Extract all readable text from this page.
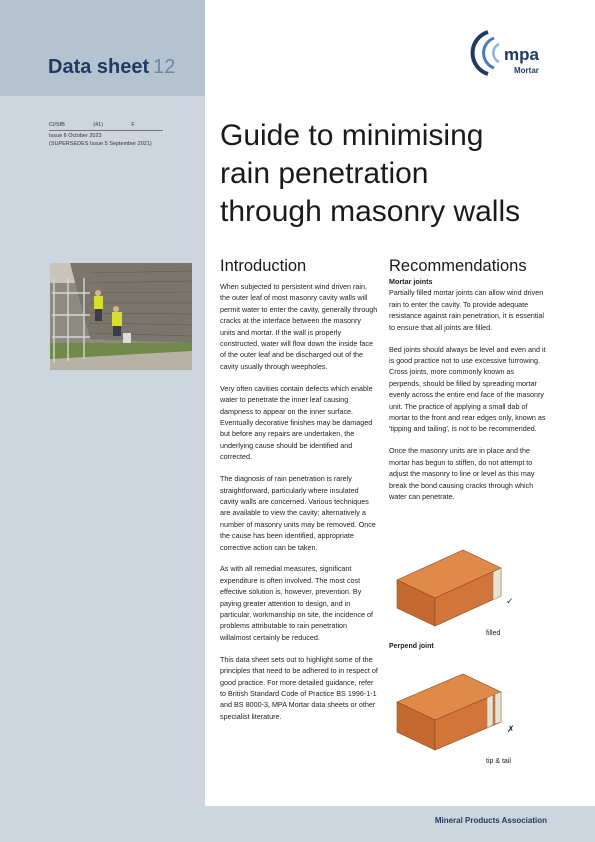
Data sheet 12
CI/SfB	(41)	F
Issue 6 October 2023
(SUPERSEDES Issue 5 September 2021)
mpa
Mortar
Guide to minimising
rain penetration
through masonry walls
Introduction

When subjected to persistent wind driven rain, the outer leaf of most masonry cavity walls will permit water to enter the cavity, generally through cracks at the interface between the masonry units and mortar. If the wall is properly constructed, water will flow down the inside face of the outer leaf and be discharged out of the cavity usually through weepholes.

Very often cavities contain defects which enable water to penetrate the inner leaf causing dampness to appear on the inner surface. Eventually decorative finishes may be damaged but before any repairs are undertaken, the underlying cause should be identified and corrected.

The diagnosis of rain penetration is rarely straightforward, particularly where insulated cavity walls are concerned. Various techniques are available to view the cavity; alternatively a number of masonry units may be removed. Once the cause has been identified, appropriate corrective action can be taken.

As with all remedial measures, significant expenditure is often involved. The most cost effective solution is, however, prevention. By paying greater attention to design, and in particular, workmanship on site, the incidence of problems attributable to rain penetration willalmost certainly be reduced.

This data sheet sets out to highlight some of the principles that need to be adhered to in respect of good practice. For more detailed guidance, refer to British Standard Code of Practice BS 1996-1-1 and BS 8000-3, MPA Mortar data sheets or other specialist literature.

Recommendations

Mortar joints

Partially filled mortar joints can allow wind driven rain to enter the cavity. To provide adequate resistance against rain penetration, it is essential to ensure that all joints are filled.

Bed joints should always be level and even and it is good practice not to use excessive furrowing. Cross joints, more commonly known as perpends, should be filled by spreading mortar evenly across the entire end face of the masonry unit. The practice of applying a small dab of mortar to the front and rear edges only, known as 'tipping and tailing', is not to be recommended.

Once the masonry units are in place and the mortar has begun to stiffen, do not attempt to adjust the masonry to line or level as this may break the bond causing cracks through which water can penetrate.

✓
filled
Perpend joint
✗
tip & tail
Mineral Products Association
